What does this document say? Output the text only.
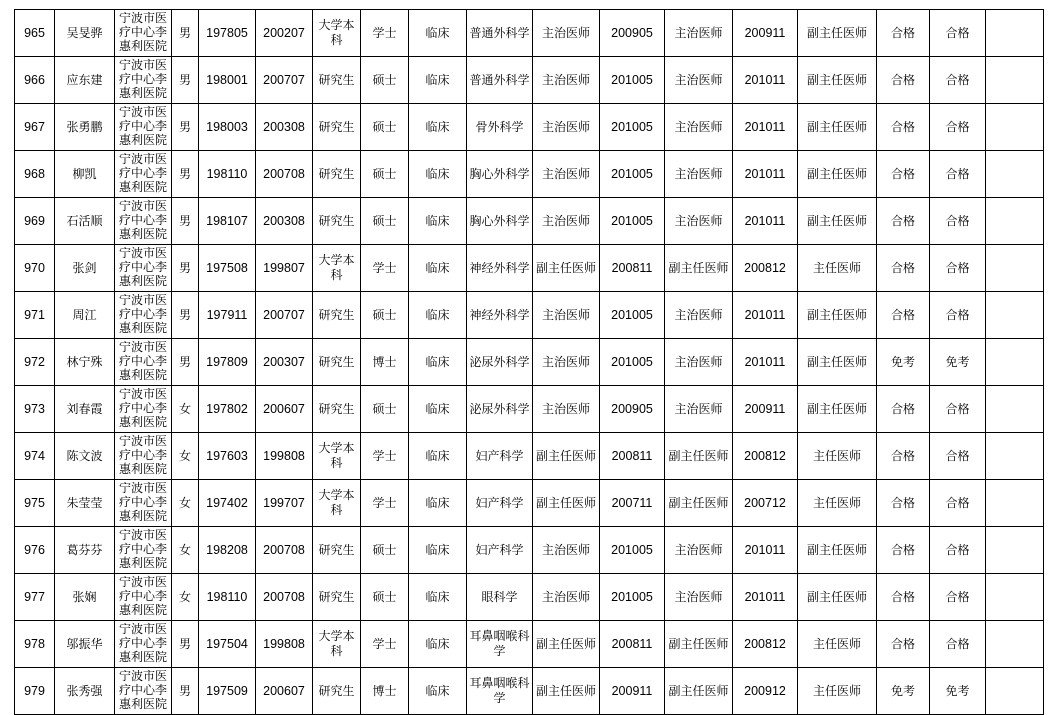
965	吴旻骅	宁波市医疗中心李惠利医院	男	197805	200207	大学本科	学士	临床	普通外科学	主治医师	200905	主治医师	200911	副主任医师	合格	合格	
966	应东建	宁波市医疗中心李惠利医院	男	198001	200707	研究生	硕士	临床	普通外科学	主治医师	201005	主治医师	201011	副主任医师	合格	合格	
967	张勇鹏	宁波市医疗中心李惠利医院	男	198003	200308	研究生	硕士	临床	骨外科学	主治医师	201005	主治医师	201011	副主任医师	合格	合格	
968	柳凯	宁波市医疗中心李惠利医院	男	198110	200708	研究生	硕士	临床	胸心外科学	主治医师	201005	主治医师	201011	副主任医师	合格	合格	
969	石活顺	宁波市医疗中心李惠利医院	男	198107	200308	研究生	硕士	临床	胸心外科学	主治医师	201005	主治医师	201011	副主任医师	合格	合格	
970	张剑	宁波市医疗中心李惠利医院	男	197508	199807	大学本科	学士	临床	神经外科学	副主任医师	200811	副主任医师	200812	主任医师	合格	合格	
971	周江	宁波市医疗中心李惠利医院	男	197911	200707	研究生	硕士	临床	神经外科学	主治医师	201005	主治医师	201011	副主任医师	合格	合格	
972	林宁殊	宁波市医疗中心李惠利医院	男	197809	200307	研究生	博士	临床	泌尿外科学	主治医师	201005	主治医师	201011	副主任医师	免考	免考	
973	刘春霞	宁波市医疗中心李惠利医院	女	197802	200607	研究生	硕士	临床	泌尿外科学	主治医师	200905	主治医师	200911	副主任医师	合格	合格	
974	陈文波	宁波市医疗中心李惠利医院	女	197603	199808	大学本科	学士	临床	妇产科学	副主任医师	200811	副主任医师	200812	主任医师	合格	合格	
975	朱莹莹	宁波市医疗中心李惠利医院	女	197402	199707	大学本科	学士	临床	妇产科学	副主任医师	200711	副主任医师	200712	主任医师	合格	合格	
976	葛芬芬	宁波市医疗中心李惠利医院	女	198208	200708	研究生	硕士	临床	妇产科学	主治医师	201005	主治医师	201011	副主任医师	合格	合格	
977	张娴	宁波市医疗中心李惠利医院	女	198110	200708	研究生	硕士	临床	眼科学	主治医师	201005	主治医师	201011	副主任医师	合格	合格	
978	邬振华	宁波市医疗中心李惠利医院	男	197504	199808	大学本科	学士	临床	耳鼻咽喉科学	副主任医师	200811	副主任医师	200812	主任医师	合格	合格	
979	张秀强	宁波市医疗中心李惠利医院	男	197509	200607	研究生	博士	临床	耳鼻咽喉科学	副主任医师	200911	副主任医师	200912	主任医师	免考	免考	
